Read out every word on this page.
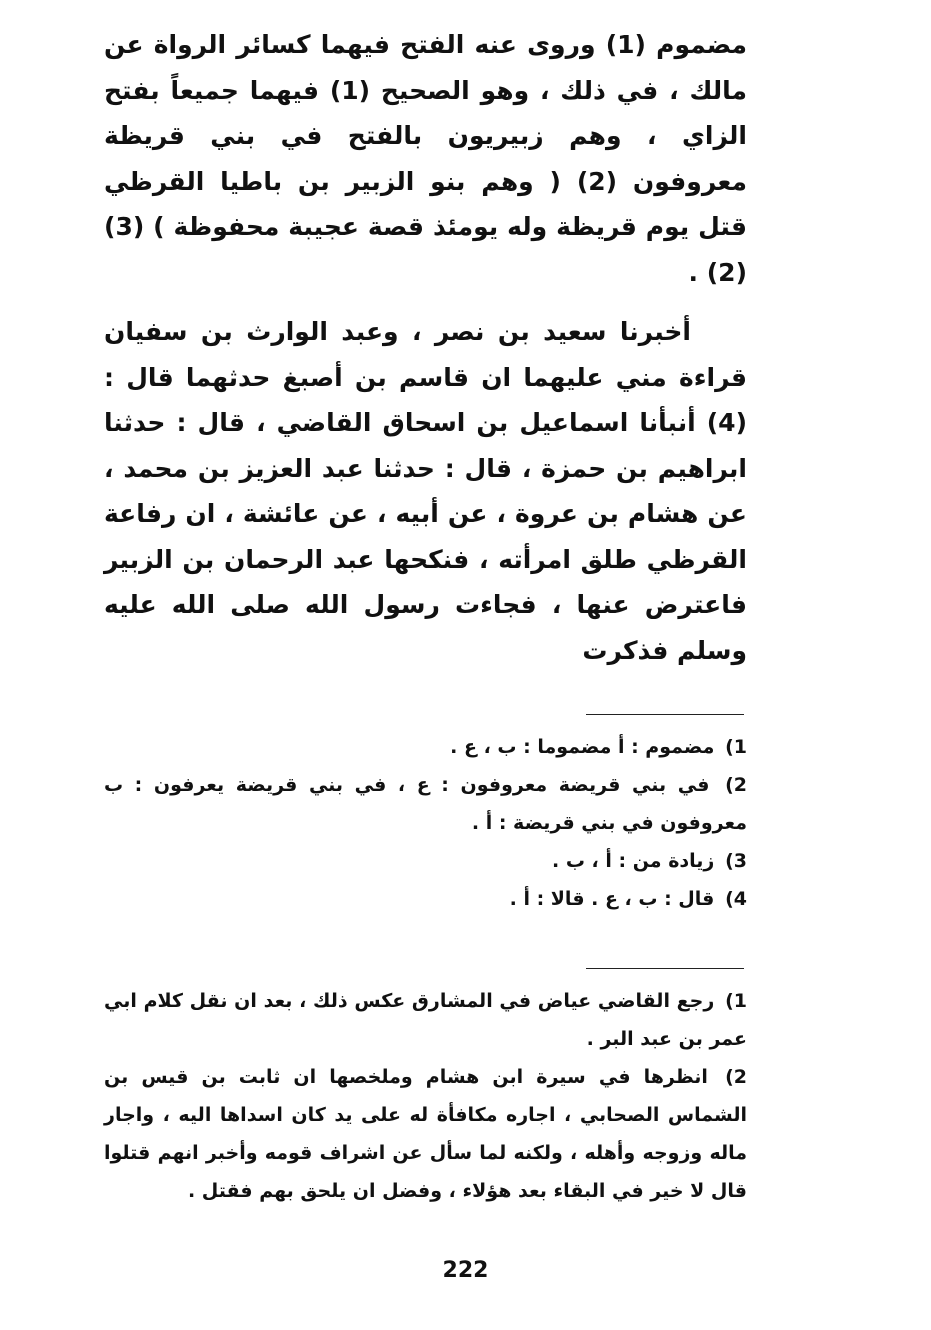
مضموم (1) وروى عنه الفتح فيهما كسائر الرواة عن مالك ، في ذلك ، وهو الصحيح (1) فيهما جميعاً بفتح الزاي ، وهم زبيريون بالفتح في بني قريظة معروفون (2) ( وهم بنو الزبير بن باطيا القرظي قتل يوم قريظة وله يومئذ قصة عجيبة محفوظة ) (3) (2) .

أخبرنا سعيد بن نصر ، وعبد الوارث بن سفيان قراءة مني عليهما ان قاسم بن أصبغ حدثهما قال : (4) أنبأنا اسماعيل بن اسحاق القاضي ، قال : حدثنا ابراهيم بن حمزة ، قال : حدثنا عبد العزيز بن محمد ، عن هشام بن عروة ، عن أبيه ، عن عائشة ، ان رفاعة القرظي طلق امرأته ، فنكحها عبد الرحمان بن الزبير فاعترض عنها ، فجاءت رسول الله صلى الله عليه وسلم فذكرت

1) مضموم : أ مضموما : ب ، ع .
2) في بني قريضة معروفون : ع ، في بني قريضة يعرفون : ب معروفون في بني قريضة : أ .
3) زيادة من : أ ، ب .
4) قال : ب ، ع . قالا : أ .
1) رجع القاضي عياض في المشارق عكس ذلك ، بعد ان نقل كلام ابي عمر بن عبد البر .
2) انظرها في سيرة ابن هشام وملخصها ان ثابت بن قيس بن الشماس الصحابي ، اجاره مكافأة له على يد كان اسداها اليه ، واجار ماله وزوجه وأهله ، ولكنه لما سأل عن اشراف قومه وأخبر انهم قتلوا قال لا خير في البقاء بعد هؤلاء ، وفضل ان يلحق بهم فقتل .
222
